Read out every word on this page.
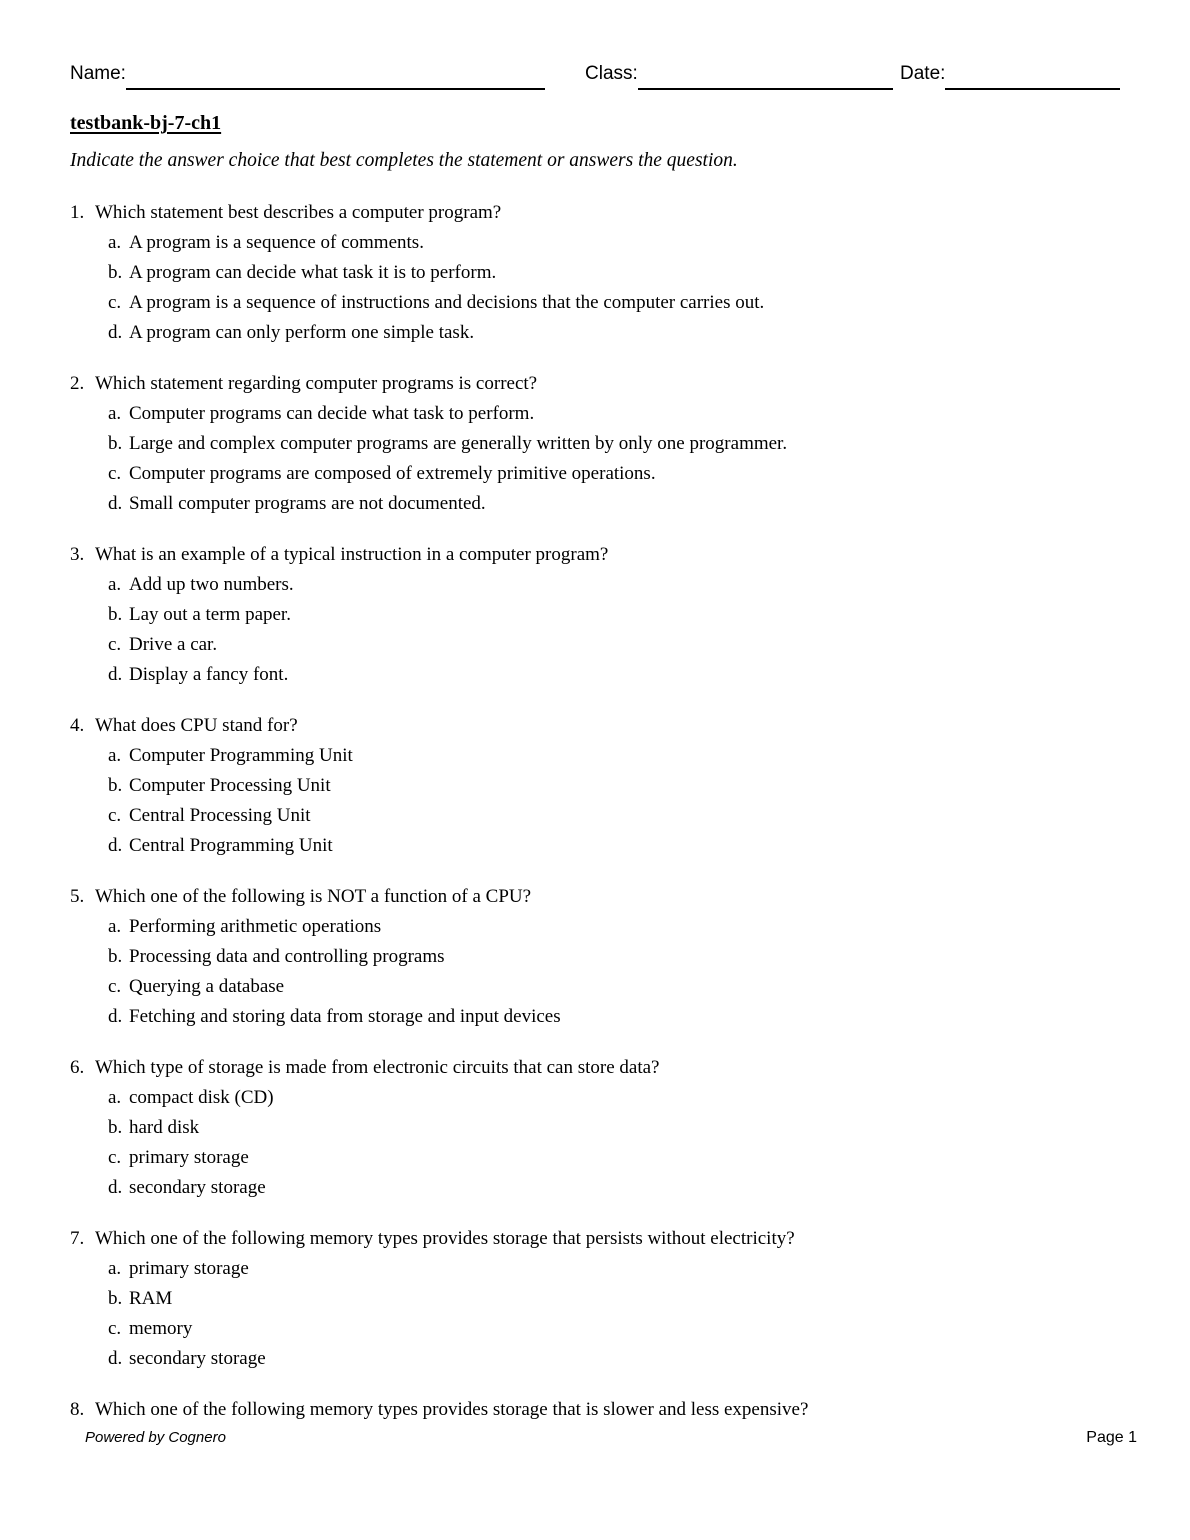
Name:	Class:	Date:
testbank-bj-7-ch1
Indicate the answer choice that best completes the statement or answers the question.
1. Which statement best describes a computer program?
a. A program is a sequence of comments.
b. A program can decide what task it is to perform.
c. A program is a sequence of instructions and decisions that the computer carries out.
d. A program can only perform one simple task.
2. Which statement regarding computer programs is correct?
a. Computer programs can decide what task to perform.
b. Large and complex computer programs are generally written by only one programmer.
c. Computer programs are composed of extremely primitive operations.
d. Small computer programs are not documented.
3. What is an example of a typical instruction in a computer program?
a. Add up two numbers.
b. Lay out a term paper.
c. Drive a car.
d. Display a fancy font.
4. What does CPU stand for?
a. Computer Programming Unit
b. Computer Processing Unit
c. Central Processing Unit
d. Central Programming Unit
5. Which one of the following is NOT a function of a CPU?
a. Performing arithmetic operations
b. Processing data and controlling programs
c. Querying a database
d. Fetching and storing data from storage and input devices
6. Which type of storage is made from electronic circuits that can store data?
a. compact disk (CD)
b. hard disk
c. primary storage
d. secondary storage
7. Which one of the following memory types provides storage that persists without electricity?
a. primary storage
b. RAM
c. memory
d. secondary storage
8. Which one of the following memory types provides storage that is slower and less expensive?
Powered by Cognero	Page 1
